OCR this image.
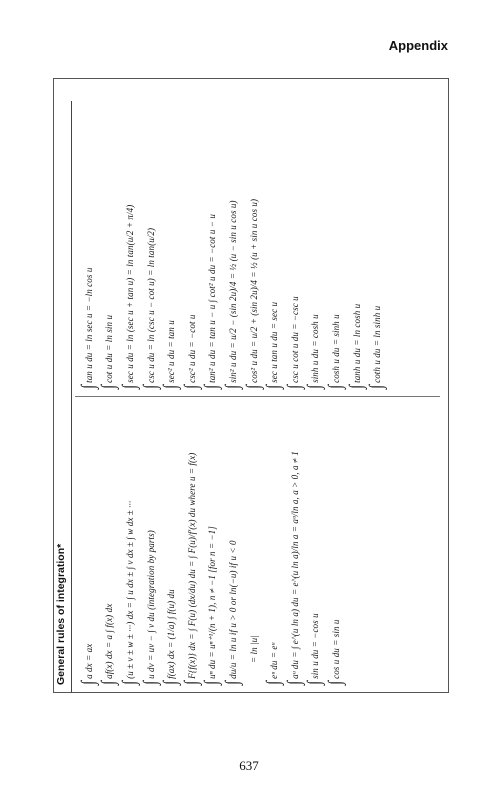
Appendix
General rules of integration* ∫
a dx = ax
∫
af(x) dx = a ∫ f(x) dx
∫
(u ± v ± w ± ···) dx = ∫ u dx ± ∫ v dx ± ∫ w dx ± ···
∫
u dv = uv − ∫ v du (integration by parts)
∫
f(ax) dx = (1/a) ∫ f(u) du
∫
F{f(x)} dx = ∫ F(u) (dx/du) du = ∫ F(u)/f′(x) du where u = f(x)
∫
uⁿ du = uⁿ⁺¹/(n + 1), n ≠ −1 [for n = −1]
∫
du/u = ln u if u > 0 or ln(−u) if u < 0 = ln |u|
∫
eᵘ du = eᵘ
∫
aᵘ du = ∫ e^(u ln a) du = e^(u ln a)/ln a = aᵘ/ln a, a > 0, a ≠ 1
∫
sin u du = −cos u
∫
cos u du = sin u
∫
tan u du = ln sec u = −ln cos u
∫
cot u du = ln sin u
∫
sec u du = ln (sec u + tan u) = ln tan(u/2 + π/4)
∫
csc u du = ln (csc u − cot u) = ln tan(u/2)
∫
sec² u du = tan u
∫
csc² u du = −cot u
∫
tan² u du = tan u − u ∫ cot² u du = −cot u − u
∫
sin² u du = u/2 − (sin 2u)/4 = ½ (u − sin u cos u)
∫
cos² u du = u/2 + (sin 2u)/4 = ½ (u + sin u cos u)
∫
sec u tan u du = sec u
∫
csc u cot u du = −csc u
∫
sinh u du = cosh u
∫
cosh u du = sinh u
∫
tanh u du = ln cosh u
∫
coth u du = ln sinh u
637
